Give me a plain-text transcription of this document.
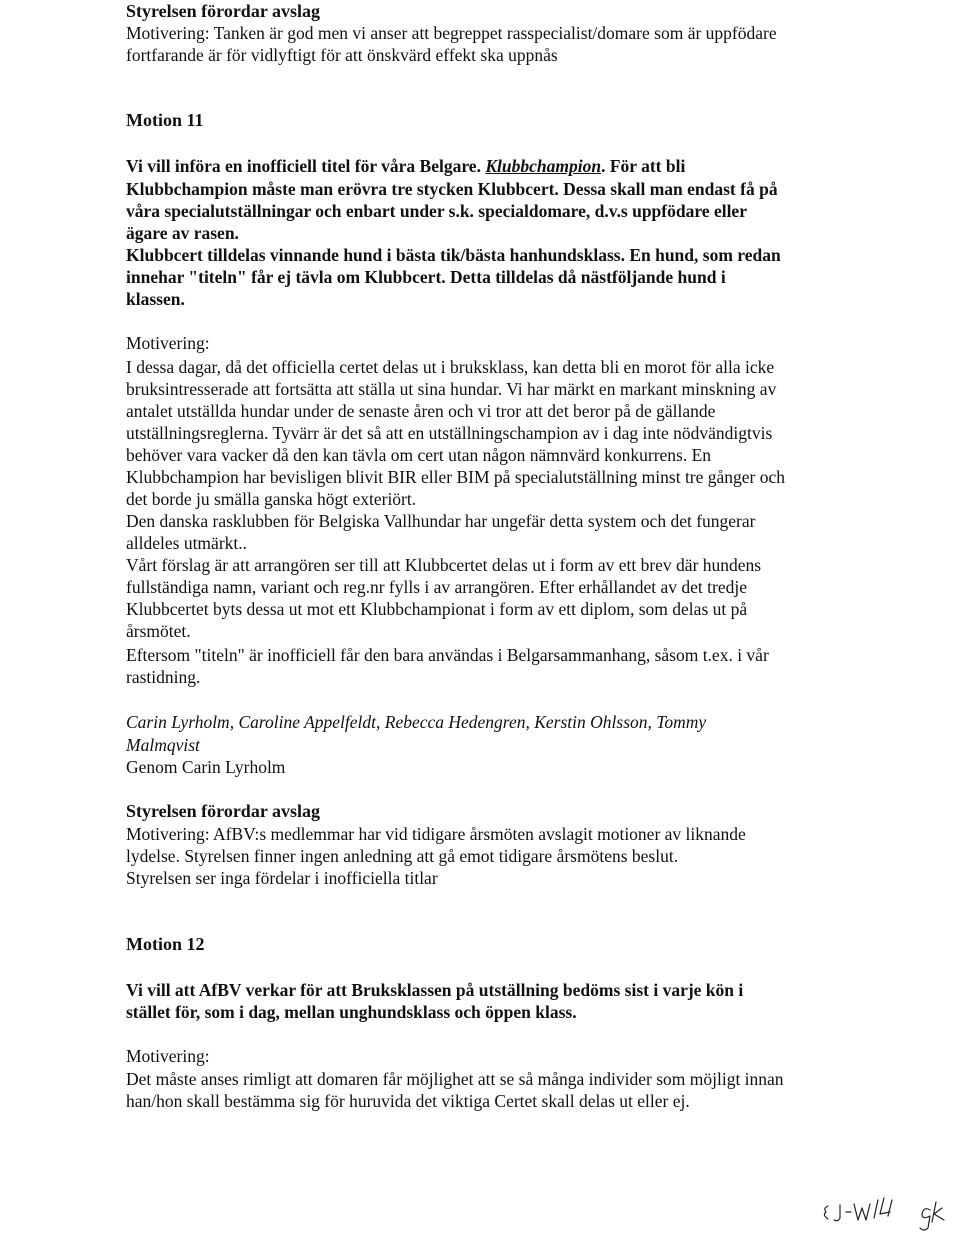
Styrelsen förordar avslag
Motivering: Tanken är god men vi anser att begreppet rasspecialist/domare som är uppfödare
fortfarande är för vidlyftigt för att önskvärd effekt ska uppnås
Motion 11
Vi vill införa en inofficiell titel för våra Belgare. Klubbchampion. För att bli
Klubbchampion måste man erövra tre stycken Klubbcert. Dessa skall man endast få på
våra specialutställningar och enbart under s.k. specialdomare, d.v.s uppfödare eller
ägare av rasen.
Klubbcert tilldelas vinnande hund i bästa tik/bästa hanhundsklass. En hund, som redan
innehar "titeln" får ej tävla om Klubbcert. Detta tilldelas då nästföljande hund i
klassen.
Motivering:
I dessa dagar, då det officiella certet delas ut i bruksklass, kan detta bli en morot för alla icke
bruksintresserade att fortsätta att ställa ut sina hundar. Vi har märkt en markant minskning av
antalet utställda hundar under de senaste åren och vi tror att det beror på de gällande
utställningsreglerna. Tyvärr är det så att en utställningschampion av i dag inte nödvändigtvis
behöver vara vacker då den kan tävla om cert utan någon nämnvärd konkurrens. En
Klubbchampion har bevisligen blivit BIR eller BIM på specialutställning minst tre gånger och
det borde ju smälla ganska högt exteriört.
Den danska rasklubben för Belgiska Vallhundar har ungefär detta system och det fungerar
alldeles utmärkt..
Vårt förslag är att arrangören ser till att Klubbcertet delas ut i form av ett brev där hundens
fullständiga namn, variant och reg.nr fylls i av arrangören. Efter erhållandet av det tredje
Klubbcertet byts dessa ut mot ett Klubbchampionat i form av ett diplom, som delas ut på
årsmötet.
Eftersom "titeln" är inofficiell får den bara användas i Belgarsammanhang, såsom t.ex. i vår
rastidning.
Carin Lyrholm, Caroline Appelfeldt, Rebecca Hedengren, Kerstin Ohlsson, Tommy
Malmqvist
Genom Carin Lyrholm
Styrelsen förordar avslag
Motivering: AfBV:s medlemmar har vid tidigare årsmöten avslagit motioner av liknande
lydelse. Styrelsen finner ingen anledning att gå emot tidigare årsmötens beslut.
Styrelsen ser inga fördelar i inofficiella titlar
Motion 12
Vi vill att AfBV verkar för att Bruksklassen på utställning bedöms sist i varje kön i
stället för, som i dag, mellan unghundsklass och öppen klass.
Motivering:
Det måste anses rimligt att domaren får möjlighet att se så många individer som möjligt innan
han/hon skall bestämma sig för huruvida det viktiga Certet skall delas ut eller ej.
